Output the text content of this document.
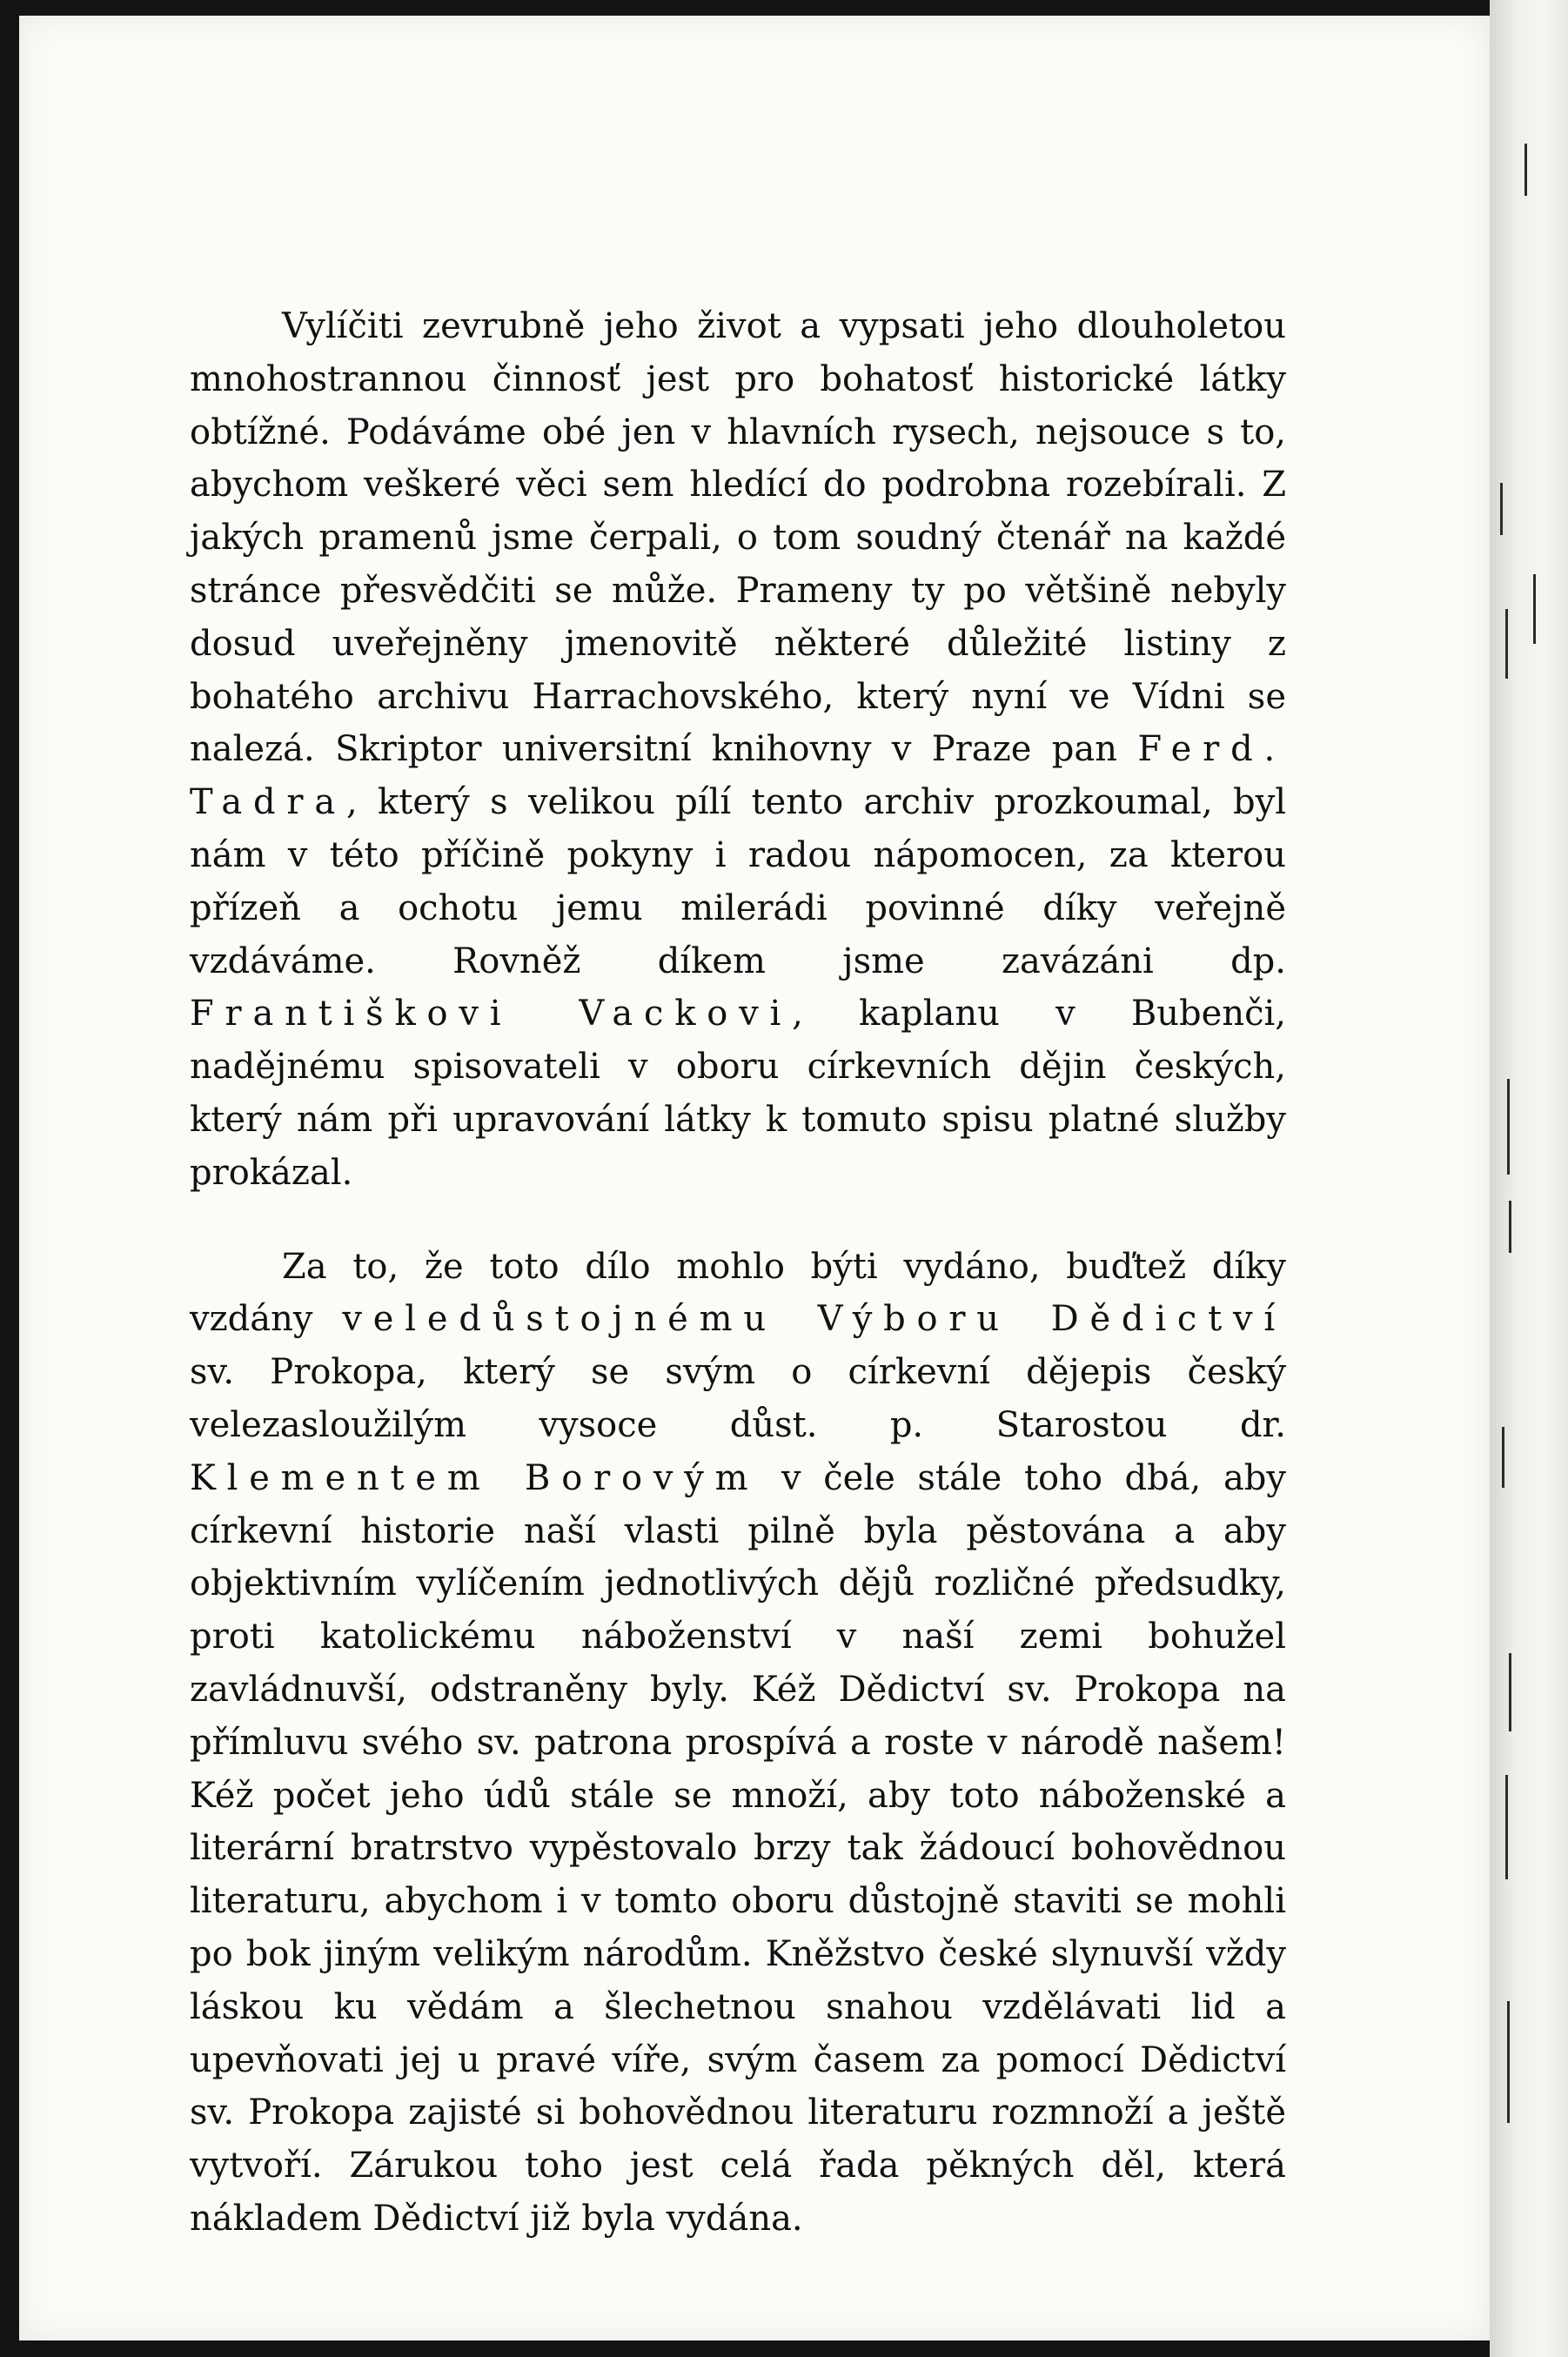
Vylíčiti zevrubně jeho život a vypsati jeho dlouholetou mnohostrannou činnosť jest pro bohatosť historické látky obtížné. Podáváme obé jen v hlavních rysech, nejsouce s to, abychom veškeré věci sem hledící do podrobna rozebírali. Z jakých pramenů jsme čerpali, o tom soudný čtenář na každé stránce přesvědčiti se může. Prameny ty po většině nebyly dosud uveřejněny jmenovitě některé důležité listiny z bohatého archivu Harrachovského, který nyní ve Vídni se nalezá. Skriptor universitní knihovny v Praze pan Ferd. Tadra, který s velikou pílí tento archiv prozkoumal, byl nám v této příčině pokyny i radou nápomocen, za kterou přízeň a ochotu jemu milerádi povinné díky veřejně vzdáváme. Rovněž díkem jsme zavázáni dp. Františkovi Vackovi, kaplanu v Bubenči, nadějnému spisovateli v oboru církevních dějin českých, který nám při upravování látky k tomuto spisu platné služby prokázal.

Za to, že toto dílo mohlo býti vydáno, buďtež díky vzdány veledůstojnému Výboru Dědictví sv. Prokopa, který se svým o církevní dějepis český velezasloužilým vysoce důst. p. Starostou dr. Klementem Borovým v čele stále toho dbá, aby církevní historie naší vlasti pilně byla pěstována a aby objektivním vylíčením jednotlivých dějů rozličné předsudky, proti katolickému náboženství v naší zemi bohužel zavládnuvší, odstraněny byly. Kéž Dědictví sv. Prokopa na přímluvu svého sv. patrona prospívá a roste v národě našem! Kéž počet jeho údů stále se množí, aby toto náboženské a literární bratrstvo vypěstovalo brzy tak žádoucí bohovědnou literaturu, abychom i v tomto oboru důstojně staviti se mohli po bok jiným velikým národům. Kněžstvo české slynuvší vždy láskou ku vědám a šlechetnou snahou vzdělávati lid a upevňovati jej u pravé víře, svým časem za pomocí Dědictví sv. Prokopa zajisté si bohovědnou literaturu rozmnoží a ještě vytvoří. Zárukou toho jest celá řada pěkných děl, která nákladem Dědictví již byla vydána.
